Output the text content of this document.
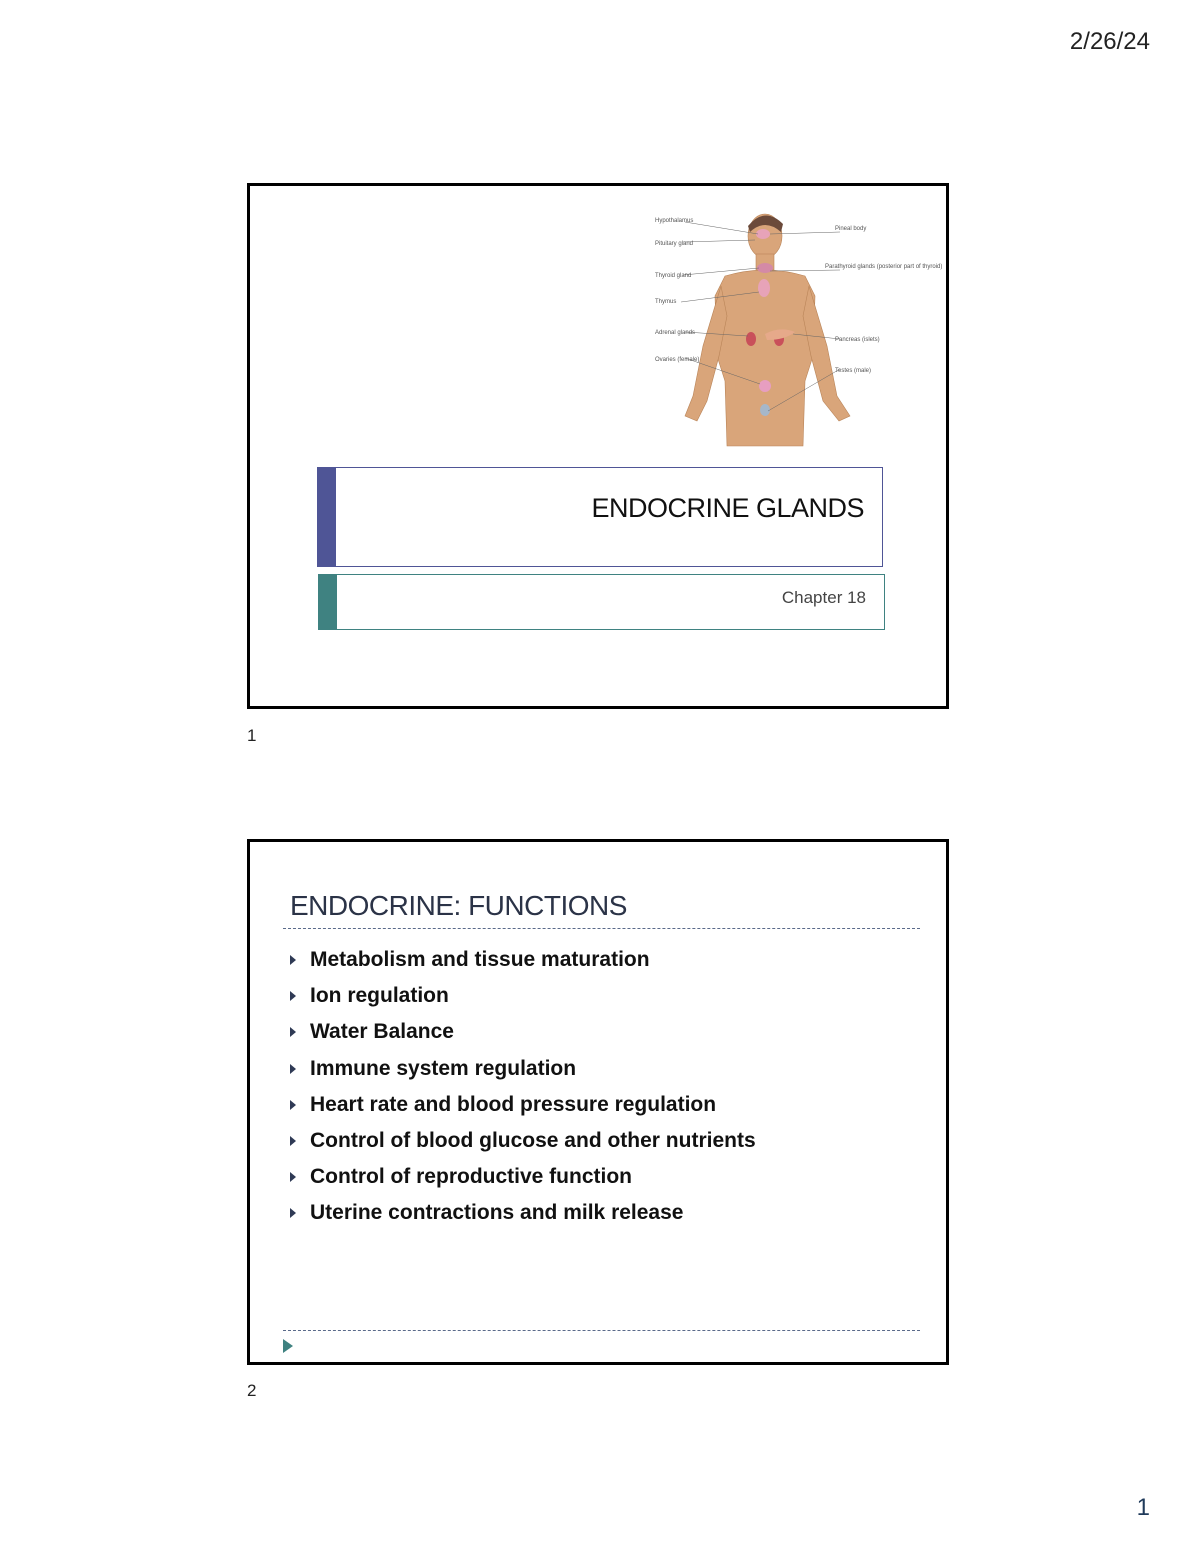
2/26/24
Hypothalamus
Pituitary gland
Thyroid gland
Thymus
Adrenal glands
Ovaries (female)
Pineal body
Parathyroid glands (posterior part of thyroid)
Pancreas (islets)
Testes (male)
ENDOCRINE GLANDS
Chapter 18
1
ENDOCRINE: FUNCTIONS
Metabolism and tissue maturation
Ion regulation
Water Balance
Immune system regulation
Heart rate and blood pressure regulation
Control of blood glucose and other nutrients
Control of reproductive function
Uterine contractions and milk release
2
1
